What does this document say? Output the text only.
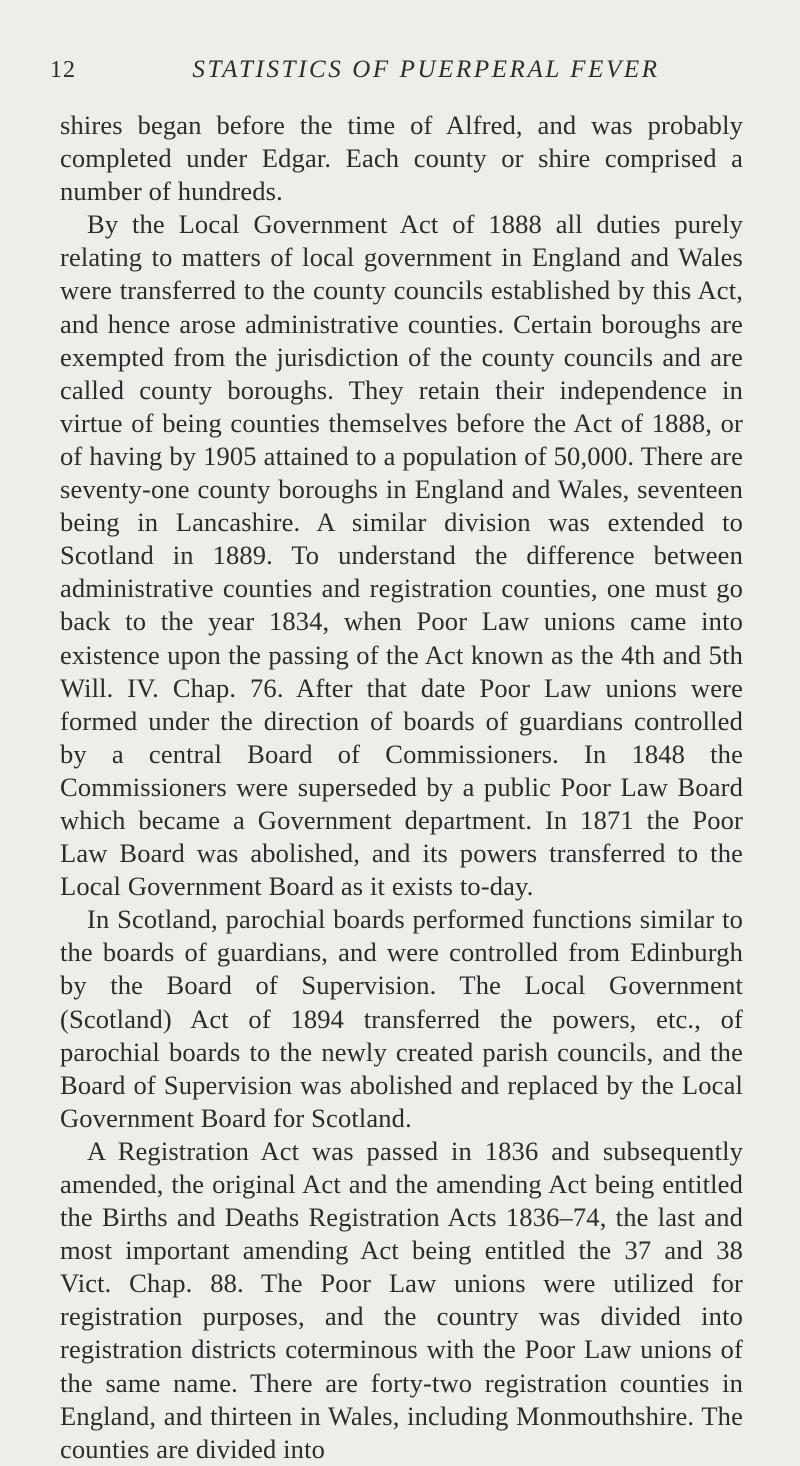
12	STATISTICS OF PUERPERAL FEVER

shires began before the time of Alfred, and was probably completed under Edgar. Each county or shire comprised a number of hundreds.

By the Local Government Act of 1888 all duties purely relating to matters of local government in England and Wales were transferred to the county councils established by this Act, and hence arose administrative counties. Certain boroughs are exempted from the jurisdiction of the county councils and are called county boroughs. They retain their independence in virtue of being counties themselves before the Act of 1888, or of having by 1905 attained to a population of 50,000. There are seventy-one county boroughs in England and Wales, seventeen being in Lancashire. A similar division was extended to Scotland in 1889. To understand the difference between administrative counties and registration counties, one must go back to the year 1834, when Poor Law unions came into existence upon the passing of the Act known as the 4th and 5th Will. IV. Chap. 76. After that date Poor Law unions were formed under the direction of boards of guardians controlled by a central Board of Commissioners. In 1848 the Commissioners were superseded by a public Poor Law Board which became a Government department. In 1871 the Poor Law Board was abolished, and its powers transferred to the Local Government Board as it exists to-day.

In Scotland, parochial boards performed functions similar to the boards of guardians, and were controlled from Edinburgh by the Board of Supervision. The Local Government (Scotland) Act of 1894 transferred the powers, etc., of parochial boards to the newly created parish councils, and the Board of Supervision was abolished and replaced by the Local Government Board for Scotland.

A Registration Act was passed in 1836 and subsequently amended, the original Act and the amending Act being entitled the Births and Deaths Registration Acts 1836–74, the last and most important amending Act being entitled the 37 and 38 Vict. Chap. 88. The Poor Law unions were utilized for registration purposes, and the country was divided into registration districts coterminous with the Poor Law unions of the same name. There are forty-two registration counties in England, and thirteen in Wales, including Monmouthshire. The counties are divided into
